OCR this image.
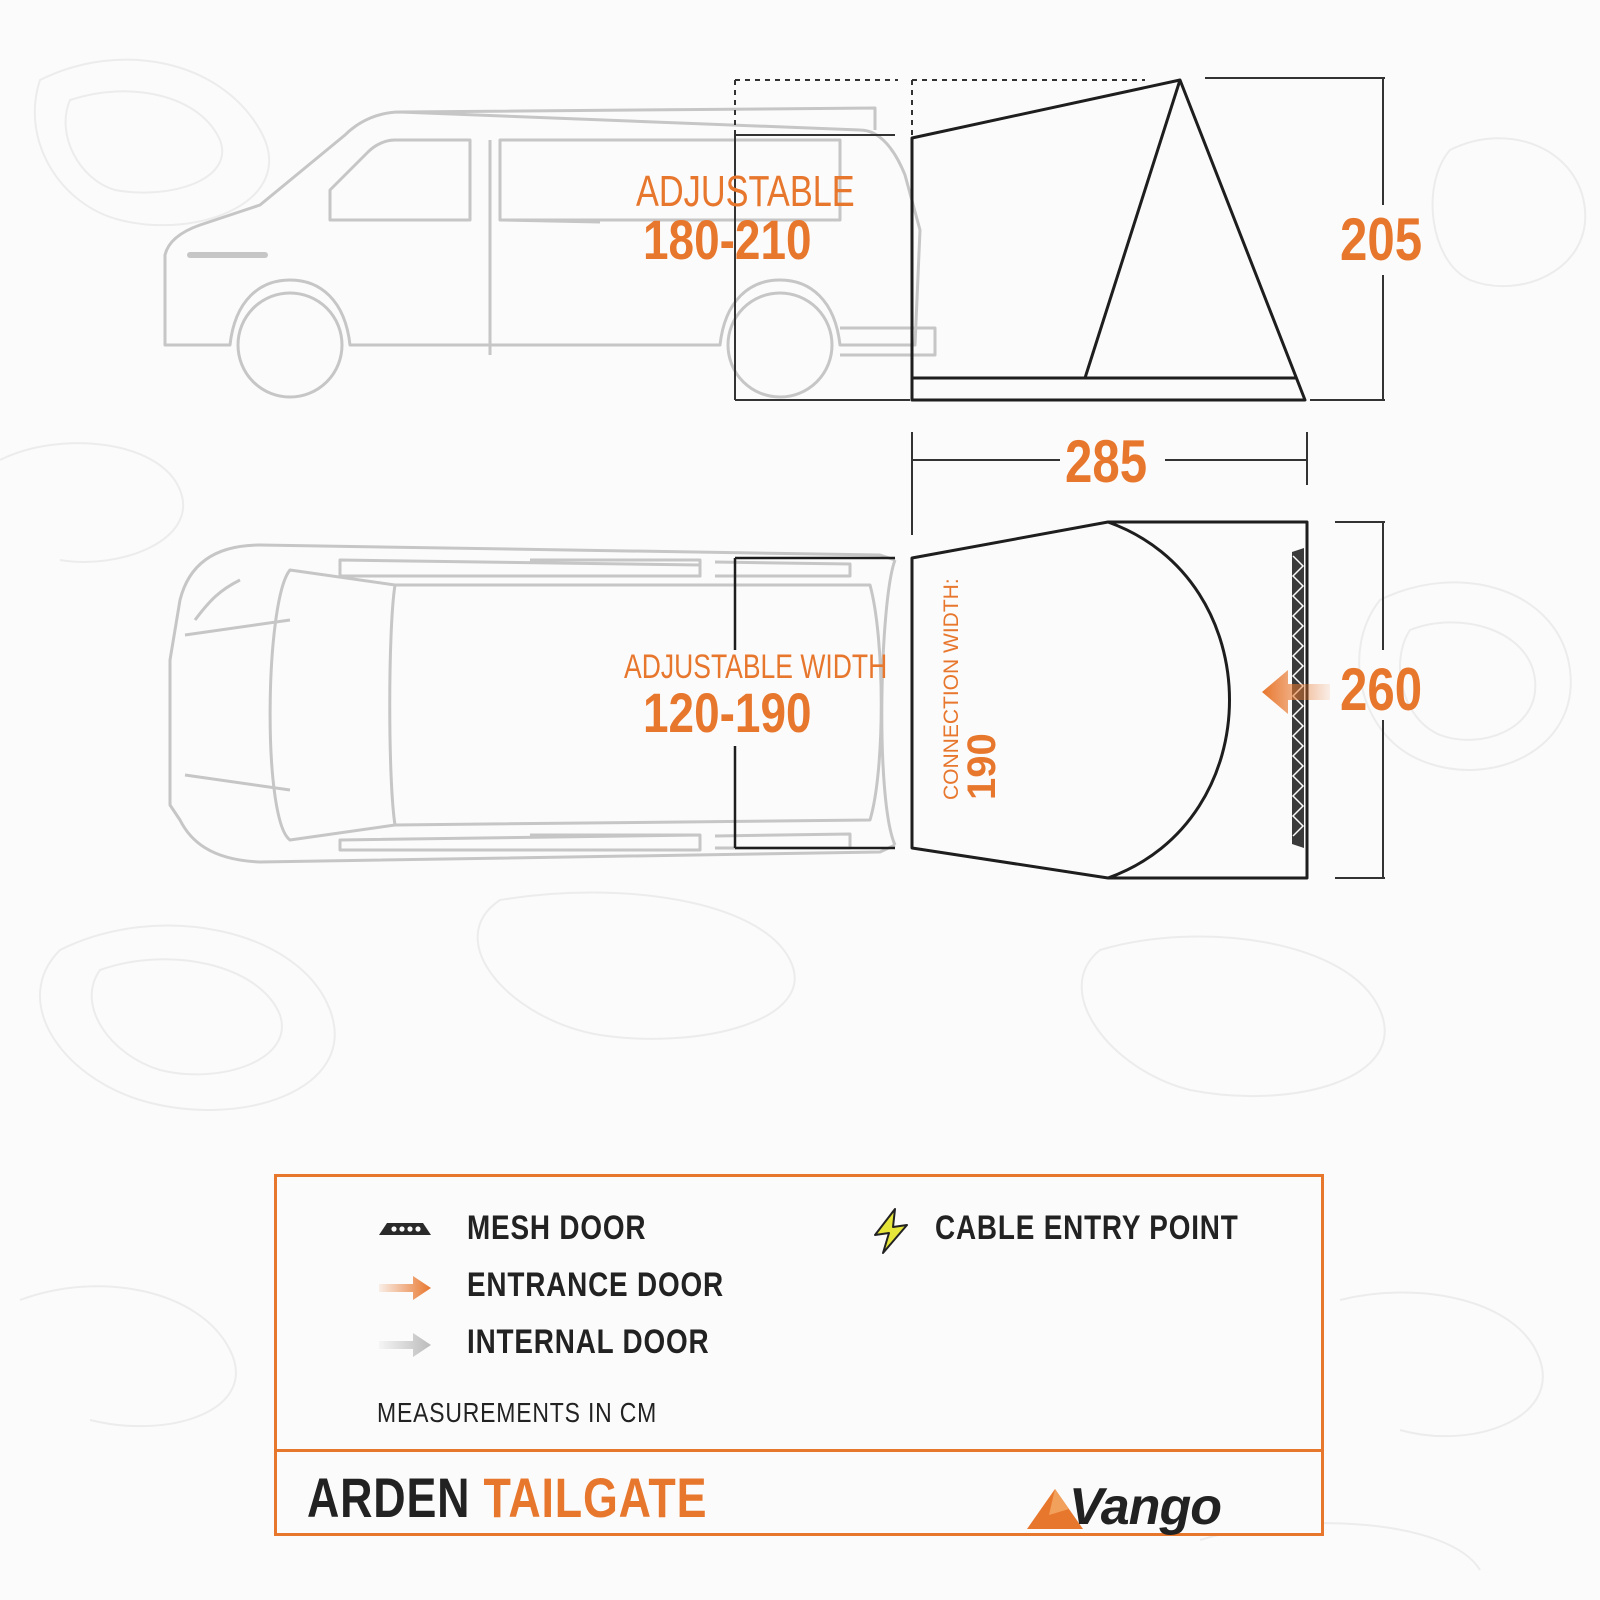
ADJUSTABLE
180-210	205
285
ADJUSTABLE WIDTH
120-190	260
CONNECTION WIDTH:
190
MESH DOOR
ENTRANCE DOOR
INTERNAL DOOR
CABLE ENTRY POINT
MEASUREMENTS IN CM
ARDEN TAILGATE	Vango
